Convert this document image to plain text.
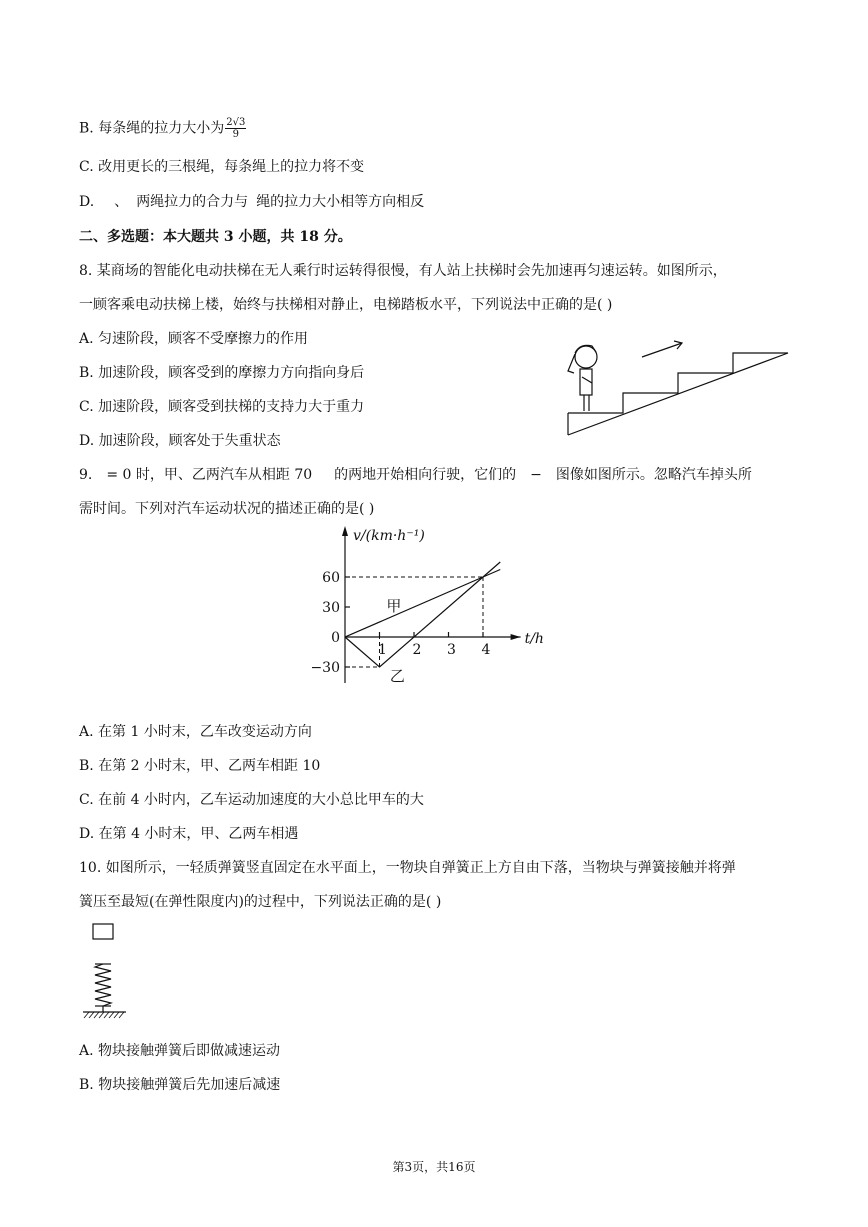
B. 每条绳的拉力大小为 $\frac{2√3}{9}$
C. 改用更长的三根绳，每条绳上的拉力将不变
D. 、 两绳拉力的合力与 绳的拉力大小相等方向相反
二、多选题：本大题共 3 小题，共 18 分。
8. 某商场的智能化电动扶梯在无人乘行时运转得很慢，有人站上扶梯时会先加速再匀速运转。如图所示，
一顾客乘电动扶梯上楼，始终与扶梯相对静止，电梯踏板水平，下列说法中正确的是( )
A. 匀速阶段，顾客不受摩擦力的作用
B. 加速阶段，顾客受到的摩擦力方向指向身后
C. 加速阶段，顾客受到扶梯的支持力大于重力
D. 加速阶段，顾客处于失重状态
9. = 0 时，甲、乙两汽车从相距 70 的两地开始相向行驶，它们的 − 图像如图所示。忽略汽车掉头所
需时间。下列对汽车运动状况的描述正确的是( )
1 2 3 4
60
30
0
−30
甲
乙
v/(km·h⁻¹)
t/h
A. 在第 1 小时末，乙车改变运动方向
B. 在第 2 小时末，甲、乙两车相距 10
C. 在前 4 小时内，乙车运动加速度的大小总比甲车的大
D. 在第 4 小时末，甲、乙两车相遇
10. 如图所示，一轻质弹簧竖直固定在水平面上，一物块自弹簧正上方自由下落，当物块与弹簧接触并将弹
簧压至最短(在弹性限度内)的过程中，下列说法正确的是( )
A. 物块接触弹簧后即做减速运动
B. 物块接触弹簧后先加速后减速
第3页，共16页
